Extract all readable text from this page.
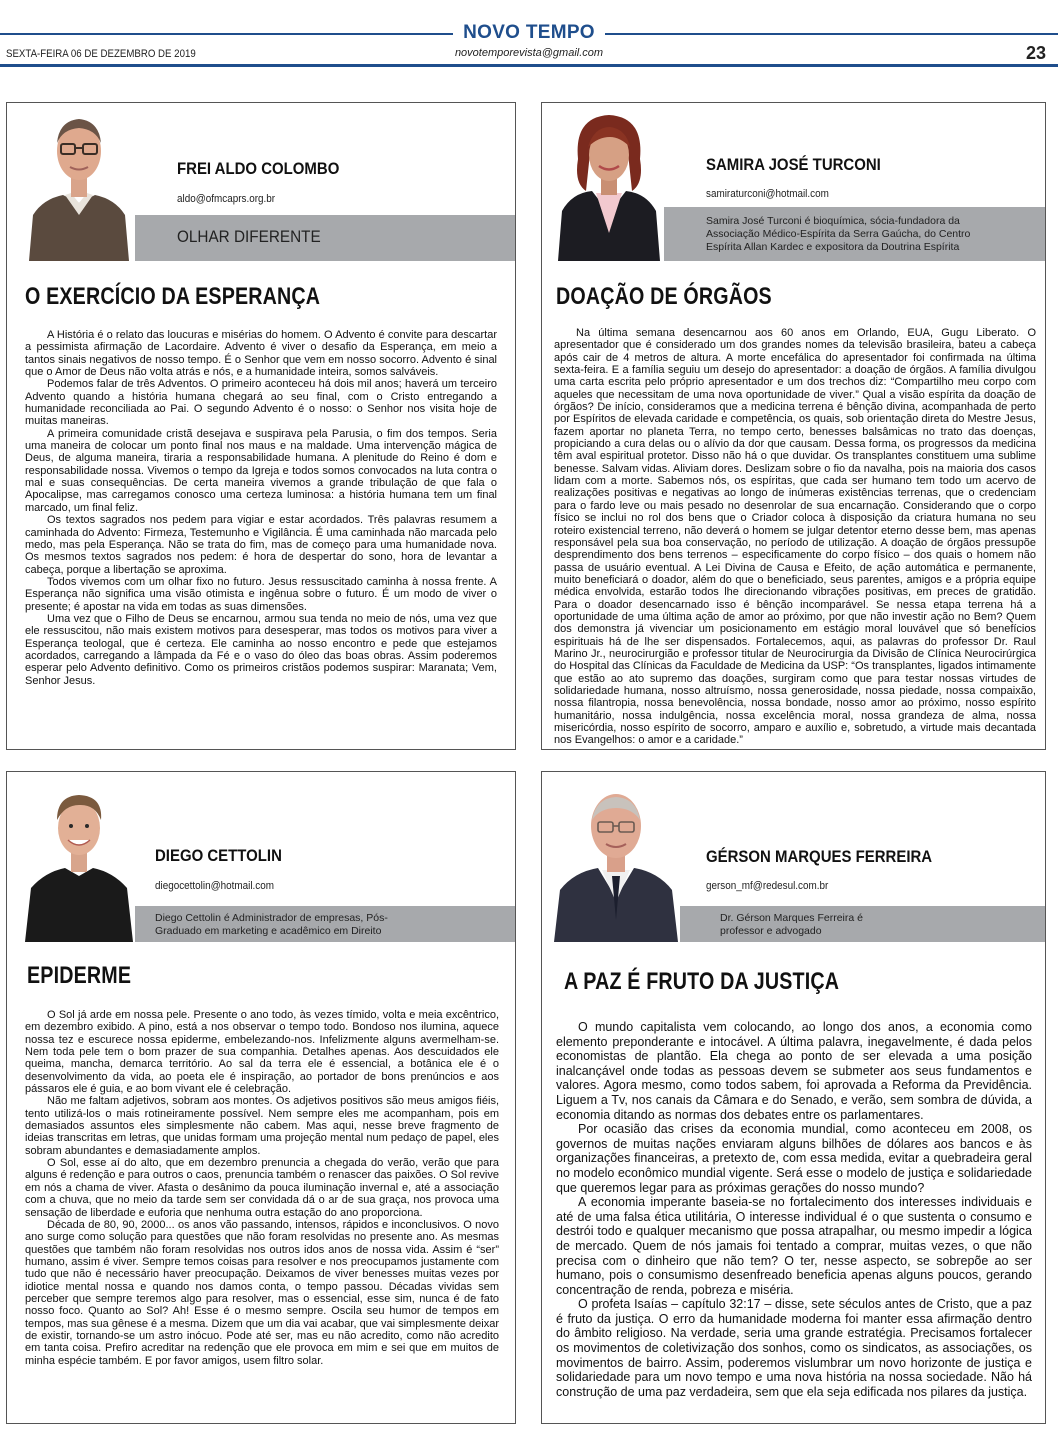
NOVO TEMPO
SEXTA-FEIRA 06 DE DEZEMBRO DE 2019	novotemporevista@gmail.com	23
FREI ALDO COLOMBO
aldo@ofmcaprs.org.br
OLHAR DIFERENTE
O EXERCÍCIO DA ESPERANÇA

A História é o relato das loucuras e misérias do homem. O Advento é convite para descartar a pessimista afirmação de Lacordaire. Advento é viver o desafio da Esperança, em meio a tantos sinais negativos de nosso tempo. É o Senhor que vem em nosso socorro. Advento é sinal que o Amor de Deus não volta atrás e nós, e a humanidade inteira, somos salváveis.

Podemos falar de três Adventos. O primeiro aconteceu há dois mil anos; haverá um terceiro Advento quando a história humana chegará ao seu final, com o Cristo entregando a humanidade reconciliada ao Pai. O segundo Advento é o nosso: o Senhor nos visita hoje de muitas maneiras.

A primeira comunidade cristã desejava e suspirava pela Parusia, o fim dos tempos. Seria uma maneira de colocar um ponto final nos maus e na maldade. Uma intervenção mágica de Deus, de alguma maneira, tiraria a responsabilidade humana. A plenitude do Reino é dom e responsabilidade nossa. Vivemos o tempo da Igreja e todos somos convocados na luta contra o mal e suas consequências. De certa maneira vivemos a grande tribulação de que fala o Apocalipse, mas carregamos conosco uma certeza luminosa: a história humana tem um final marcado, um final feliz.

Os textos sagrados nos pedem para vigiar e estar acordados. Três palavras resumem a caminhada do Advento: Firmeza, Testemunho e Vigilância. É uma caminhada não marcada pelo medo, mas pela Esperança. Não se trata do fim, mas de começo para uma humanidade nova. Os mesmos textos sagrados nos pedem: é hora de despertar do sono, hora de levantar a cabeça, porque a libertação se aproxima.

Todos vivemos com um olhar fixo no futuro. Jesus ressuscitado caminha à nossa frente. A Esperança não significa uma visão otimista e ingênua sobre o futuro. É um modo de viver o presente; é apostar na vida em todas as suas dimensões.

Uma vez que o Filho de Deus se encarnou, armou sua tenda no meio de nós, uma vez que ele ressuscitou, não mais existem motivos para desesperar, mas todos os motivos para viver a Esperança teologal, que é certeza. Ele caminha ao nosso encontro e pede que estejamos acordados, carregando a lâmpada da Fé e o vaso do óleo das boas obras. Assim poderemos esperar pelo Advento definitivo. Como os primeiros cristãos podemos suspirar: Maranata; Vem, Senhor Jesus.

SAMIRA JOSÉ TURCONI
samiraturconi@hotmail.com
Samira José Turconi é bioquímica, sócia-fundadora da Associação Médico-Espírita da Serra Gaúcha, do Centro Espírita Allan Kardec e expositora da Doutrina Espírita
DOAÇÃO DE ÓRGÃOS

Na última semana desencarnou aos 60 anos em Orlando, EUA, Gugu Liberato. O apresentador que é considerado um dos grandes nomes da televisão brasileira, bateu a cabeça após cair de 4 metros de altura. A morte encefálica do apresentador foi confirmada na última sexta-feira. E a família seguiu um desejo do apresentador: a doação de órgãos. A família divulgou uma carta escrita pelo próprio apresentador e um dos trechos diz: “Compartilho meu corpo com aqueles que necessitam de uma nova oportunidade de viver.” Qual a visão espírita da doação de órgãos? De início, consideramos que a medicina terrena é bênção divina, acompanhada de perto por Espíritos de elevada caridade e competência, os quais, sob orientação direta do Mestre Jesus, fazem aportar no planeta Terra, no tempo certo, benesses balsâmicas no trato das doenças, propiciando a cura delas ou o alívio da dor que causam. Dessa forma, os progressos da medicina têm aval espiritual protetor. Disso não há o que duvidar. Os transplantes constituem uma sublime benesse. Salvam vidas. Aliviam dores. Deslizam sobre o fio da navalha, pois na maioria dos casos lidam com a morte. Sabemos nós, os espíritas, que cada ser humano tem todo um acervo de realizações positivas e negativas ao longo de inúmeras existências terrenas, que o credenciam para o fardo leve ou mais pesado no desenrolar de sua encarnação. Considerando que o corpo físico se inclui no rol dos bens que o Criador coloca à disposição da criatura humana no seu roteiro existencial terreno, não deverá o homem se julgar detentor eterno desse bem, mas apenas responsável pela sua boa conservação, no período de utilização. A doação de órgãos pressupõe desprendimento dos bens terrenos – especificamente do corpo físico – dos quais o homem não passa de usuário eventual. A Lei Divina de Causa e Efeito, de ação automática e permanente, muito beneficiará o doador, além do que o beneficiado, seus parentes, amigos e a própria equipe médica envolvida, estarão todos lhe direcionando vibrações positivas, em preces de gratidão. Para o doador desencarnado isso é bênção incomparável. Se nessa etapa terrena há a oportunidade de uma última ação de amor ao próximo, por que não investir ação no Bem? Quem dos demonstra já vivenciar um posicionamento em estágio moral louvável que só benefícios espirituais há de lhe ser dispensados. Fortalecemos, aqui, as palavras do professor Dr. Raul Marino Jr., neurocirurgião e professor titular de Neurocirurgia da Divisão de Clínica Neurocirúrgica do Hospital das Clínicas da Faculdade de Medicina da USP: “Os transplantes, ligados intimamente que estão ao ato supremo das doações, surgiram como que para testar nossas virtudes de solidariedade humana, nosso altruísmo, nossa generosidade, nossa piedade, nossa compaixão, nossa filantropia, nossa benevolência, nossa bondade, nosso amor ao próximo, nosso espírito humanitário, nossa indulgência, nossa excelência moral, nossa grandeza de alma, nossa misericórdia, nosso espírito de socorro, amparo e auxílio e, sobretudo, a virtude mais decantada nos Evangelhos: o amor e a caridade.”

DIEGO CETTOLIN
diegocettolin@hotmail.com
Diego Cettolin é Administrador de empresas, Pós-Graduado em marketing e acadêmico em Direito
EPIDERME

O Sol já arde em nossa pele. Presente o ano todo, às vezes tímido, volta e meia excêntrico, em dezembro exibido. A pino, está a nos observar o tempo todo. Bondoso nos ilumina, aquece nossa tez e escurece nossa epiderme, embelezando-nos. Infelizmente alguns avermelham-se. Nem toda pele tem o bom prazer de sua companhia. Detalhes apenas. Aos descuidados ele queima, mancha, demarca território. Ao sal da terra ele é essencial, a botânica ele é o desenvolvimento da vida, ao poeta ele é inspiração, ao portador de bons prenúncios e aos pássaros ele é guia, e ao bom vivant ele é celebração.

Não me faltam adjetivos, sobram aos montes. Os adjetivos positivos são meus amigos fiéis, tento utilizá-los o mais rotineiramente possível. Nem sempre eles me acompanham, pois em demasiados assuntos eles simplesmente não cabem. Mas aqui, nesse breve fragmento de ideias transcritas em letras, que unidas formam uma projeção mental num pedaço de papel, eles sobram abundantes e demasiadamente amplos.

O Sol, esse aí do alto, que em dezembro prenuncia a chegada do verão, verão que para alguns é redenção e para outros o caos, prenuncia também o renascer das paixões. O Sol revive em nós a chama de viver. Afasta o desânimo da pouca iluminação invernal e, até a associação com a chuva, que no meio da tarde sem ser convidada dá o ar de sua graça, nos provoca uma sensação de liberdade e euforia que nenhuma outra estação do ano proporciona.

Década de 80, 90, 2000... os anos vão passando, intensos, rápidos e inconclusivos. O novo ano surge como solução para questões que não foram resolvidas no presente ano. As mesmas questões que também não foram resolvidas nos outros idos anos de nossa vida. Assim é “ser” humano, assim é viver. Sempre temos coisas para resolver e nos preocupamos justamente com tudo que não é necessário haver preocupação. Deixamos de viver benesses muitas vezes por idiotice mental nossa e quando nos damos conta, o tempo passou. Décadas vividas sem perceber que sempre teremos algo para resolver, mas o essencial, esse sim, nunca é de fato nosso foco. Quanto ao Sol? Ah! Esse é o mesmo sempre. Oscila seu humor de tempos em tempos, mas sua gênese é a mesma. Dizem que um dia vai acabar, que vai simplesmente deixar de existir, tornando-se um astro inócuo. Pode até ser, mas eu não acredito, como não acredito em tanta coisa. Prefiro acreditar na redenção que ele provoca em mim e sei que em muitos de minha espécie também. E por favor amigos, usem filtro solar.

GÉRSON MARQUES FERREIRA
gerson_mf@redesul.com.br
Dr. Gérson Marques Ferreira é professor e advogado
A PAZ É FRUTO DA JUSTIÇA

O mundo capitalista vem colocando, ao longo dos anos, a economia como elemento preponderante e intocável. A última palavra, inegavelmente, é dada pelos economistas de plantão. Ela chega ao ponto de ser elevada a uma posição inalcançável onde todas as pessoas devem se submeter aos seus fundamentos e valores. Agora mesmo, como todos sabem, foi aprovada a Reforma da Previdência. Liguem a Tv, nos canais da Câmara e do Senado, e verão, sem sombra de dúvida, a economia ditando as normas dos debates entre os parlamentares.

Por ocasião das crises da economia mundial, como aconteceu em 2008, os governos de muitas nações enviaram alguns bilhões de dólares aos bancos e às organizações financeiras, a pretexto de, com essa medida, evitar a quebradeira geral no modelo econômico mundial vigente. Será esse o modelo de justiça e solidariedade que queremos legar para as próximas gerações do nosso mundo?

A economia imperante baseia-se no fortalecimento dos interesses individuais e até de uma falsa ética utilitária, O interesse individual é o que sustenta o consumo e destrói todo e qualquer mecanismo que possa atrapalhar, ou mesmo impedir a lógica de mercado. Quem de nós jamais foi tentado a comprar, muitas vezes, o que não precisa com o dinheiro que não tem? O ter, nesse aspecto, se sobrepõe ao ser humano, pois o consumismo desenfreado beneficia apenas alguns poucos, gerando concentração de renda, pobreza e miséria.

O profeta Isaías – capítulo 32:17 – disse, sete séculos antes de Cristo, que a paz é fruto da justiça. O erro da humanidade moderna foi manter essa afirmação dentro do âmbito religioso. Na verdade, seria uma grande estratégia. Precisamos fortalecer os movimentos de coletivização dos sonhos, como os sindicatos, as associações, os movimentos de bairro. Assim, poderemos vislumbrar um novo horizonte de justiça e solidariedade para um novo tempo e uma nova história na nossa sociedade. Não há construção de uma paz verdadeira, sem que ela seja edificada nos pilares da justiça.
